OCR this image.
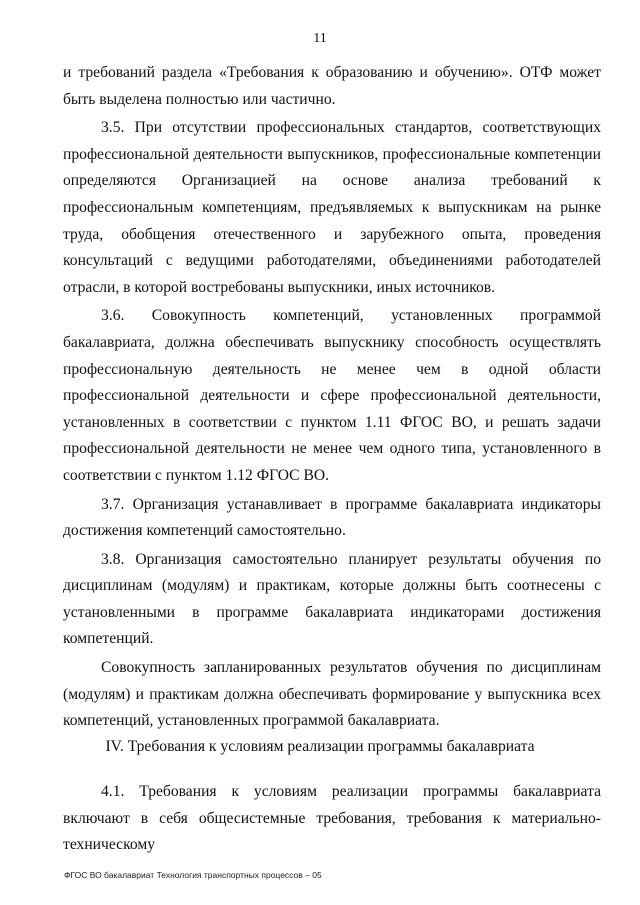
11

и требований раздела «Требования к образованию и обучению». ОТФ может быть выделена полностью или частично.

3.5. При отсутствии профессиональных стандартов, соответствующих профессиональной деятельности выпускников, профессиональные компетенции определяются Организацией на основе анализа требований к профессиональным компетенциям, предъявляемых к выпускникам на рынке труда, обобщения отечественного и зарубежного опыта, проведения консультаций с ведущими работодателями, объединениями работодателей отрасли, в которой востребованы выпускники, иных источников.

3.6. Совокупность компетенций, установленных программой бакалавриата, должна обеспечивать выпускнику способность осуществлять профессиональную деятельность не менее чем в одной области профессиональной деятельности и сфере профессиональной деятельности, установленных в соответствии с пунктом 1.11 ФГОС ВО, и решать задачи профессиональной деятельности не менее чем одного типа, установленного в соответствии с пунктом 1.12 ФГОС ВО.

3.7. Организация устанавливает в программе бакалавриата индикаторы достижения компетенций самостоятельно.

3.8. Организация самостоятельно планирует результаты обучения по дисциплинам (модулям) и практикам, которые должны быть соотнесены с установленными в программе бакалавриата индикаторами достижения компетенций.

Совокупность запланированных результатов обучения по дисциплинам (модулям) и практикам должна обеспечивать формирование у выпускника всех компетенций, установленных программой бакалавриата.

IV. Требования к условиям реализации программы бакалавриата

4.1. Требования к условиям реализации программы бакалавриата включают в себя общесистемные требования, требования к материально-техническому

ФГОС ВО бакалавриат Технология транспортных процессов – 05
